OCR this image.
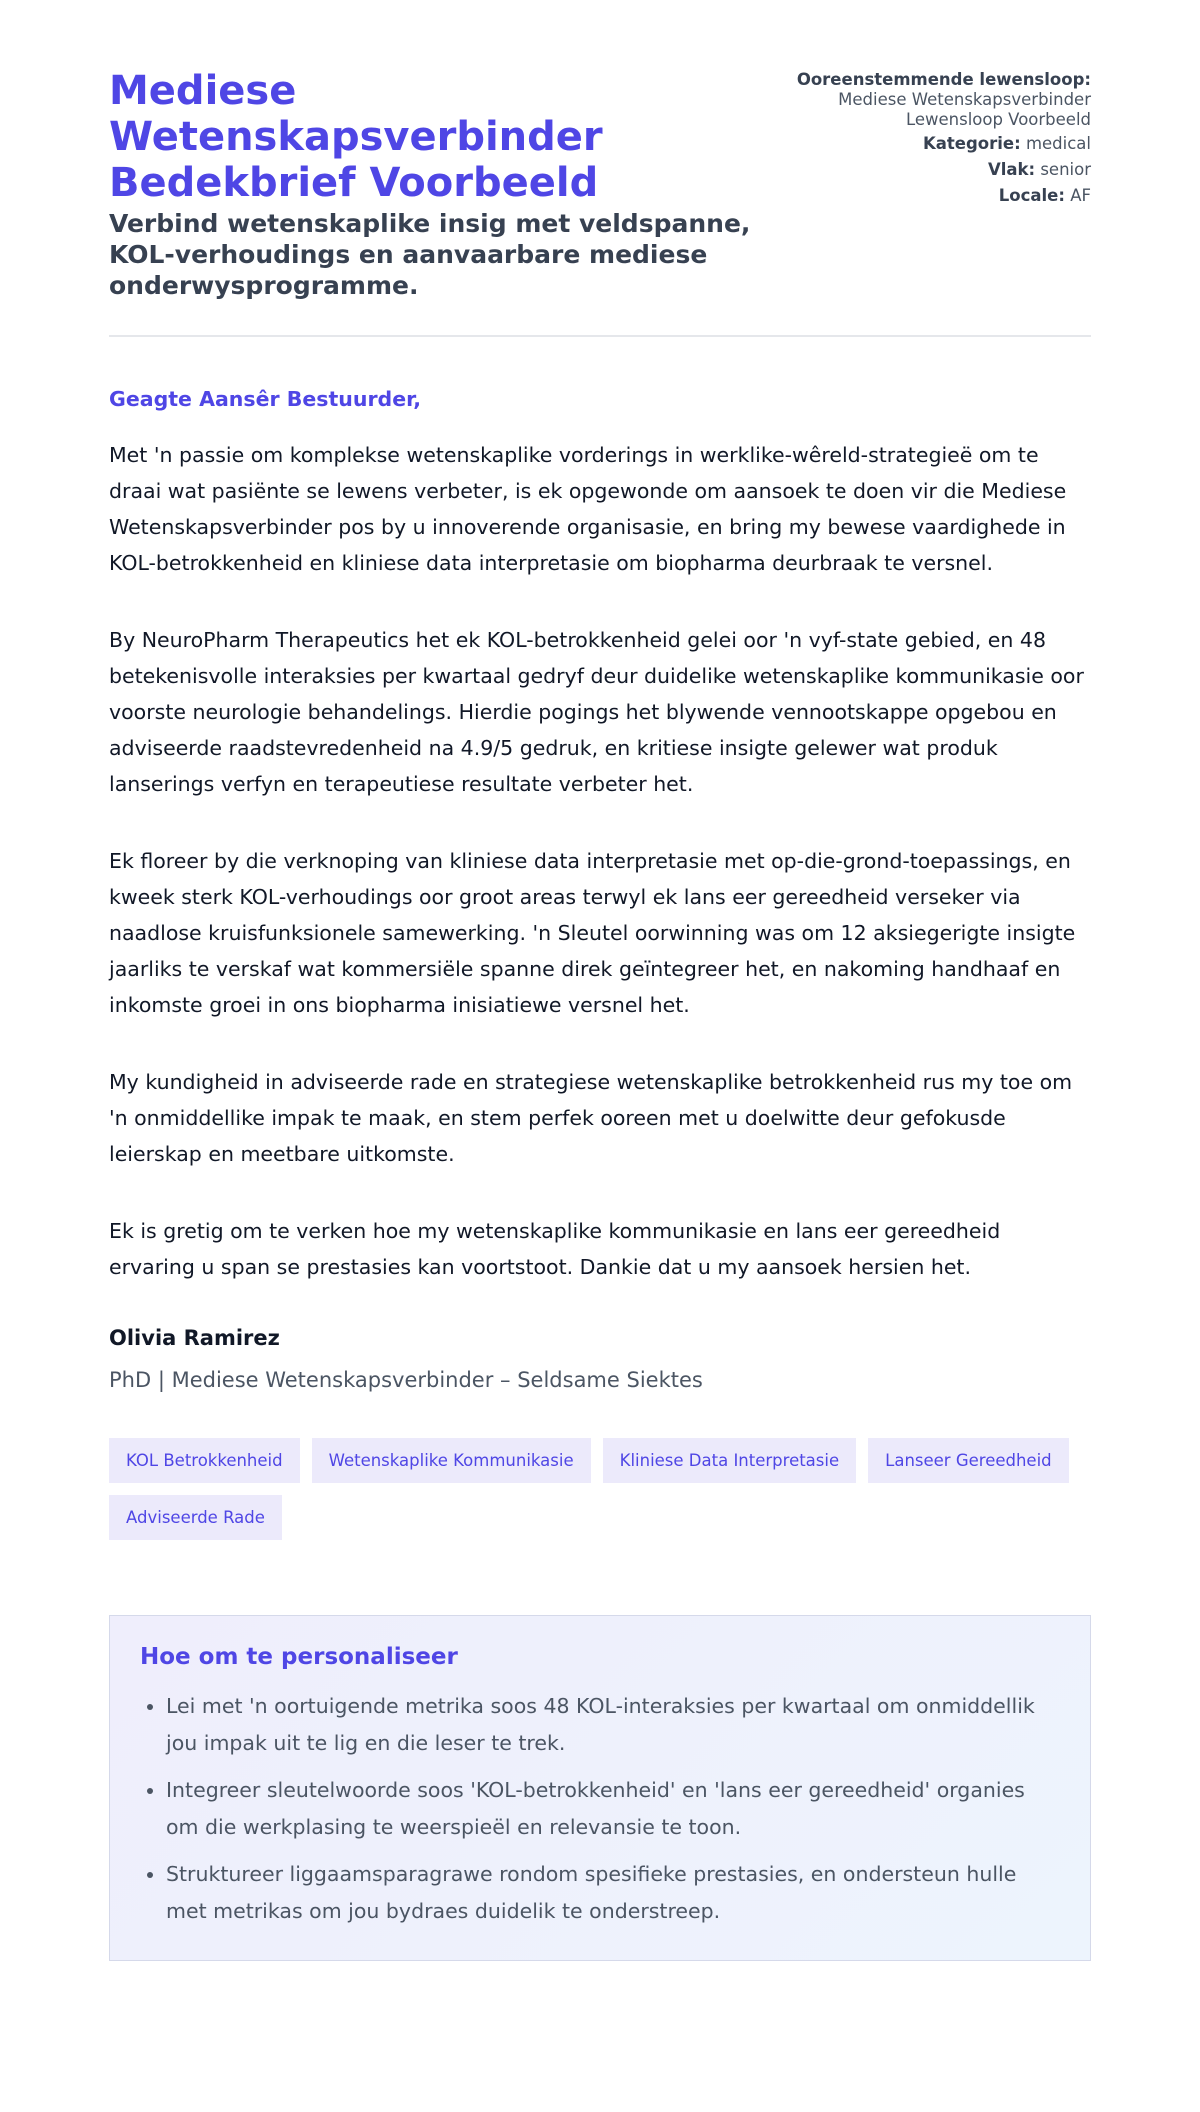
Mediese Wetenskapsverbinder Bedekbrief Voorbeeld
Verbind wetenskaplike insig met veldspanne, KOL-verhoudings en aanvaarbare mediese onderwysprogramme.
Ooreenstemmende lewensloop:
Mediese Wetenskapsverbinder Lewensloop Voorbeeld
Kategorie: medical
Vlak: senior
Locale: AF
Geagte Aansêr Bestuurder,

Met 'n passie om komplekse wetenskaplike vorderings in werklike-wêreld-strategieë om te draai wat pasiënte se lewens verbeter, is ek opgewonde om aansoek te doen vir die Mediese Wetenskapsverbinder pos by u innoverende organisasie, en bring my bewese vaardighede in KOL-betrokkenheid en kliniese data interpretasie om biopharma deurbraak te versnel.

By NeuroPharm Therapeutics het ek KOL-betrokkenheid gelei oor 'n vyf-state gebied, en 48 betekenisvolle interaksies per kwartaal gedryf deur duidelike wetenskaplike kommunikasie oor voorste neurologie behandelings. Hierdie pogings het blywende vennootskappe opgebou en adviseerde raadstevredenheid na 4.9/5 gedruk, en kritiese insigte gelewer wat produk lanserings verfyn en terapeutiese resultate verbeter het.

Ek floreer by die verknoping van kliniese data interpretasie met op-die-grond-toepassings, en kweek sterk KOL-verhoudings oor groot areas terwyl ek lans eer gereedheid verseker via naadlose kruisfunksionele samewerking. 'n Sleutel oorwinning was om 12 aksiegerigte insigte jaarliks te verskaf wat kommersiële spanne direk geïntegreer het, en nakoming handhaaf en inkomste groei in ons biopharma inisiatiewe versnel het.

My kundigheid in adviseerde rade en strategiese wetenskaplike betrokkenheid rus my toe om 'n onmiddellike impak te maak, en stem perfek ooreen met u doelwitte deur gefokusde leierskap en meetbare uitkomste.

Ek is gretig om te verken hoe my wetenskaplike kommunikasie en lans eer gereedheid ervaring u span se prestasies kan voortstoot. Dankie dat u my aansoek hersien het.

Olivia Ramirez
PhD | Mediese Wetenskapsverbinder – Seldsame Siektes
KOL Betrokkenheid	Wetenskaplike Kommunikasie	Kliniese Data Interpretasie	Lanseer Gereedheid
Adviseerde Rade
Hoe om te personaliseer
• Lei met 'n oortuigende metrika soos 48 KOL-interaksies per kwartaal om onmiddellik jou impak uit te lig en die leser te trek.
• Integreer sleutelwoorde soos 'KOL-betrokkenheid' en 'lans eer gereedheid' organies om die werkplasing te weerspieël en relevansie te toon.
• Struktureer liggaamsparagrawe rondom spesifieke prestasies, en ondersteun hulle met metrikas om jou bydraes duidelik te onderstreep.
